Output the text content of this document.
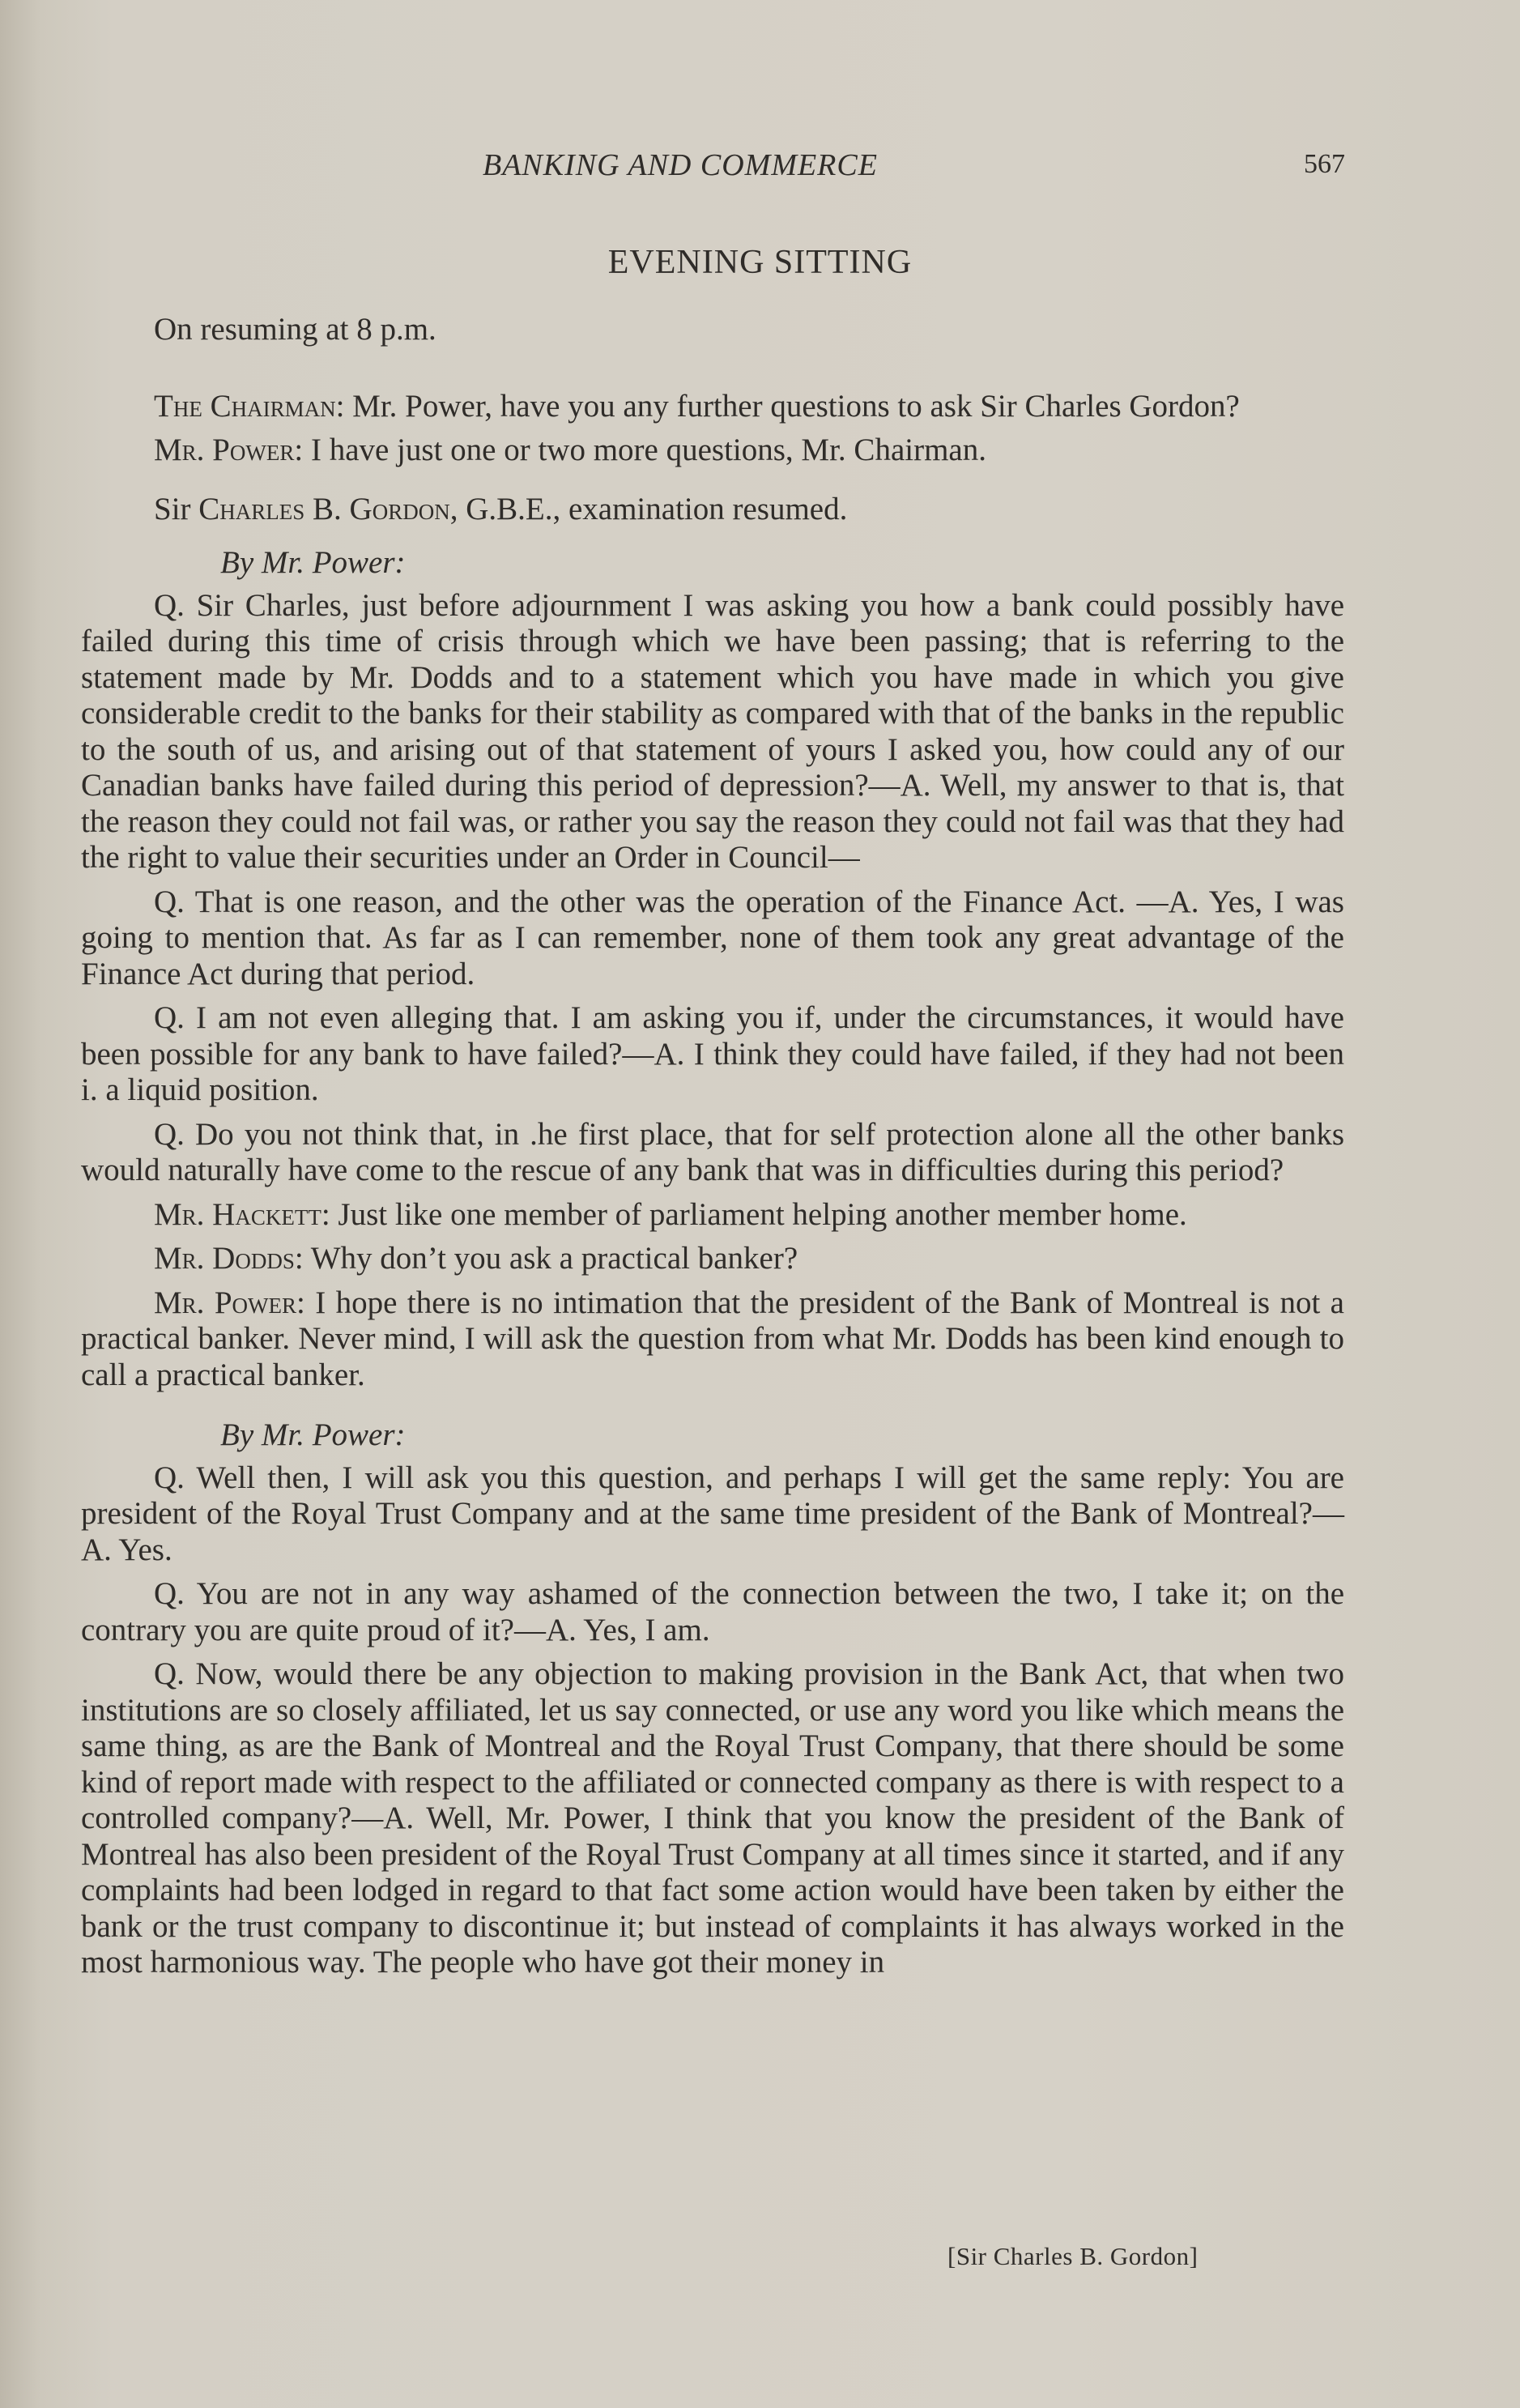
BANKING AND COMMERCE	567
EVENING SITTING

On resuming at 8 p.m.

The Chairman: Mr. Power, have you any further questions to ask Sir Charles Gordon?

Mr. Power: I have just one or two more questions, Mr. Chairman.

Sir Charles B. Gordon, G.B.E., examination resumed.

By Mr. Power:

Q. Sir Charles, just before adjournment I was asking you how a bank could possibly have failed during this time of crisis through which we have been passing; that is referring to the statement made by Mr. Dodds and to a statement which you have made in which you give considerable credit to the banks for their stability as compared with that of the banks in the republic to the south of us, and arising out of that statement of yours I asked you, how could any of our Canadian banks have failed during this period of depression?—A. Well, my answer to that is, that the reason they could not fail was, or rather you say the reason they could not fail was that they had the right to value their securities under an Order in Council—

Q. That is one reason, and the other was the operation of the Finance Act. —A. Yes, I was going to mention that. As far as I can remember, none of them took any great advantage of the Finance Act during that period.

Q. I am not even alleging that. I am asking you if, under the circumstances, it would have been possible for any bank to have failed?—A. I think they could have failed, if they had not been i. a liquid position.

Q. Do you not think that, in .he first place, that for self protection alone all the other banks would naturally have come to the rescue of any bank that was in difficulties during this period?

Mr. Hackett: Just like one member of parliament helping another member home.

Mr. Dodds: Why don’t you ask a practical banker?

Mr. Power: I hope there is no intimation that the president of the Bank of Montreal is not a practical banker. Never mind, I will ask the question from what Mr. Dodds has been kind enough to call a practical banker.

By Mr. Power:

Q. Well then, I will ask you this question, and perhaps I will get the same reply: You are president of the Royal Trust Company and at the same time president of the Bank of Montreal?—A. Yes.

Q. You are not in any way ashamed of the connection between the two, I take it; on the contrary you are quite proud of it?—A. Yes, I am.

Q. Now, would there be any objection to making provision in the Bank Act, that when two institutions are so closely affiliated, let us say connected, or use any word you like which means the same thing, as are the Bank of Montreal and the Royal Trust Company, that there should be some kind of report made with respect to the affiliated or connected company as there is with respect to a controlled company?—A. Well, Mr. Power, I think that you know the president of the Bank of Montreal has also been president of the Royal Trust Company at all times since it started, and if any complaints had been lodged in regard to that fact some action would have been taken by either the bank or the trust company to discontinue it; but instead of complaints it has always worked in the most harmonious way. The people who have got their money in

[Sir Charles B. Gordon]
